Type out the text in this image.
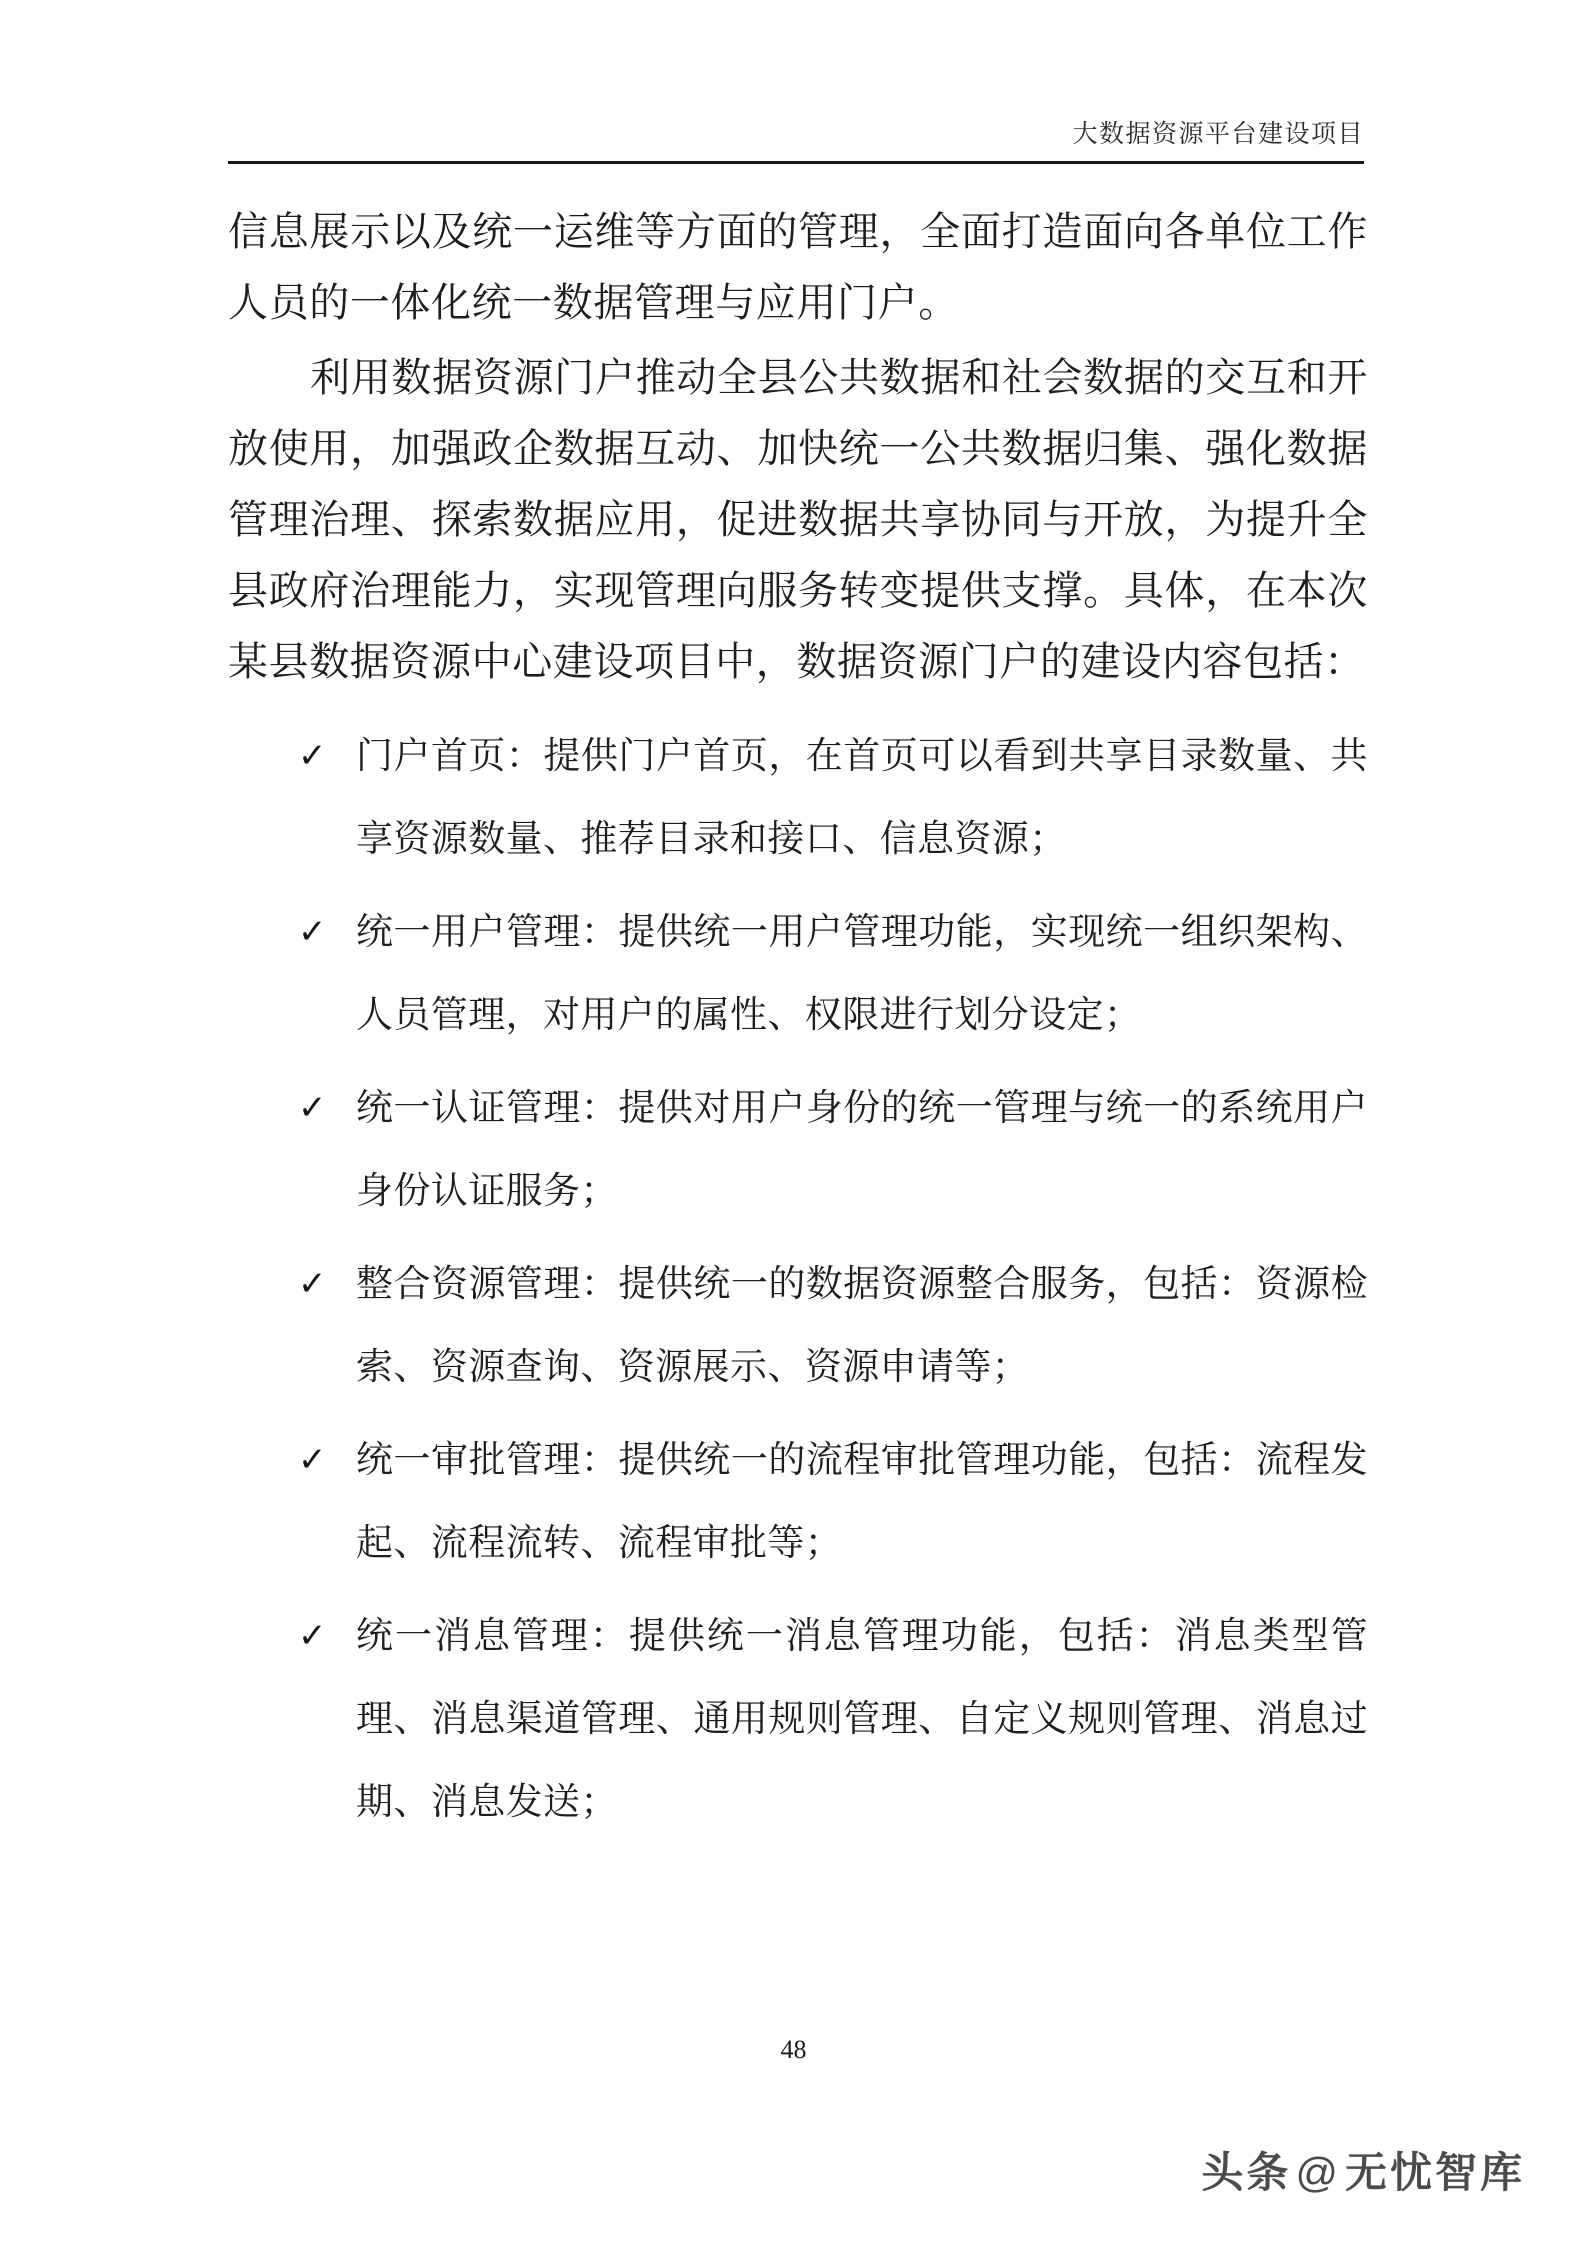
大数据资源平台建设项目

信息展示以及统一运维等方面的管理，全面打造面向各单位工作人员的一体化统一数据管理与应用门户。

利用数据资源门户推动全县公共数据和社会数据的交互和开放使用，加强政企数据互动、加快统一公共数据归集、强化数据管理治理、探索数据应用，促进数据共享协同与开放，为提升全县政府治理能力，实现管理向服务转变提供支撑。具体，在本次某县数据资源中心建设项目中，数据资源门户的建设内容包括：

✓ 门户首页：提供门户首页，在首页可以看到共享目录数量、共享资源数量、推荐目录和接口、信息资源；
✓ 统一用户管理：提供统一用户管理功能，实现统一组织架构、人员管理，对用户的属性、权限进行划分设定；
✓ 统一认证管理：提供对用户身份的统一管理与统一的系统用户身份认证服务；
✓ 整合资源管理：提供统一的数据资源整合服务，包括：资源检索、资源查询、资源展示、资源申请等；
✓ 统一审批管理：提供统一的流程审批管理功能，包括：流程发起、流程流转、流程审批等；
✓ 统一消息管理：提供统一消息管理功能，包括：消息类型管理、消息渠道管理、通用规则管理、自定义规则管理、消息过期、消息发送；
48
头条@无忧智库
